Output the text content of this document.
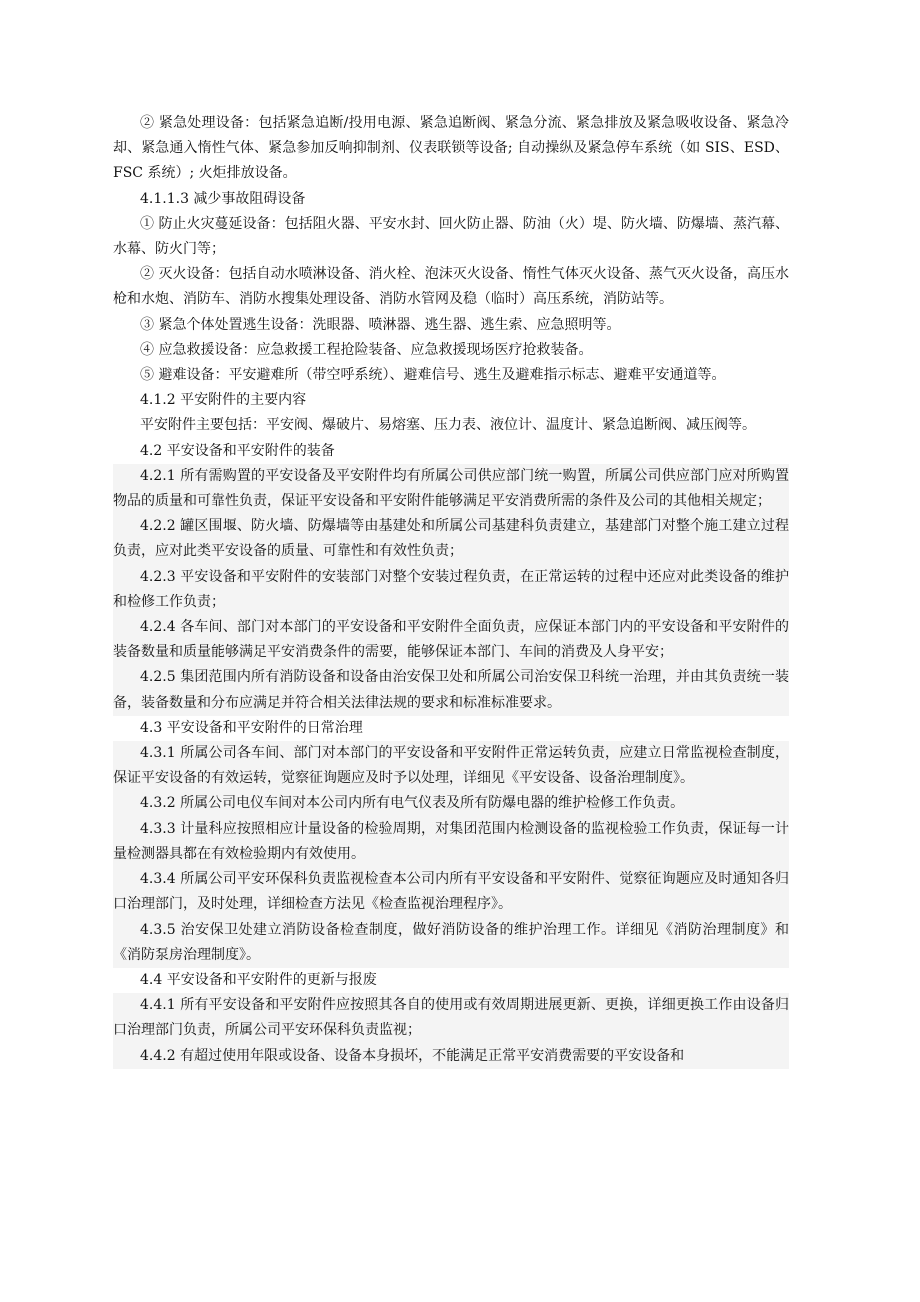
② 紧急处理设备：包括紧急追断/投用电源、紧急追断阀、紧急分流、紧急排放及紧急吸收设备、紧急冷却、紧急通入惰性气体、紧急参加反响抑制剂、仪表联锁等设备; 自动操纵及紧急停车系统（如 SIS、ESD、FSC 系统）; 火炬排放设备。

4.1.1.3 减少事故阻碍设备

① 防止火灾蔓延设备：包括阻火器、平安水封、回火防止器、防油（火）堤、防火墙、防爆墙、蒸汽幕、水幕、防火门等；

② 灭火设备：包括自动水喷淋设备、消火栓、泡沫灭火设备、惰性气体灭火设备、蒸气灭火设备，高压水枪和水炮、消防车、消防水搜集处理设备、消防水管网及稳（临时）高压系统，消防站等。

③ 紧急个体处置逃生设备：洗眼器、喷淋器、逃生器、逃生索、应急照明等。

④ 应急救援设备：应急救援工程抢险装备、应急救援现场医疗抢救装备。

⑤ 避难设备：平安避难所（带空呼系统）、避难信号、逃生及避难指示标志、避难平安通道等。

4.1.2 平安附件的主要内容

平安附件主要包括：平安阀、爆破片、易熔塞、压力表、液位计、温度计、紧急追断阀、减压阀等。

4.2 平安设备和平安附件的装备

4.2.1 所有需购置的平安设备及平安附件均有所属公司供应部门统一购置，所属公司供应部门应对所购置物品的质量和可靠性负责，保证平安设备和平安附件能够满足平安消费所需的条件及公司的其他相关规定；

4.2.2 罐区围堰、防火墙、防爆墙等由基建处和所属公司基建科负责建立，基建部门对整个施工建立过程负责，应对此类平安设备的质量、可靠性和有效性负责；

4.2.3 平安设备和平安附件的安装部门对整个安装过程负责，在正常运转的过程中还应对此类设备的维护和检修工作负责；

4.2.4 各车间、部门对本部门的平安设备和平安附件全面负责，应保证本部门内的平安设备和平安附件的装备数量和质量能够满足平安消费条件的需要，能够保证本部门、车间的消费及人身平安；

4.2.5 集团范围内所有消防设备和设备由治安保卫处和所属公司治安保卫科统一治理，并由其负责统一装备，装备数量和分布应满足并符合相关法律法规的要求和标准标准要求。

4.3 平安设备和平安附件的日常治理

4.3.1 所属公司各车间、部门对本部门的平安设备和平安附件正常运转负责，应建立日常监视检查制度，保证平安设备的有效运转，觉察征询题应及时予以处理，详细见《平安设备、设备治理制度》。

4.3.2 所属公司电仪车间对本公司内所有电气仪表及所有防爆电器的维护检修工作负责。

4.3.3 计量科应按照相应计量设备的检验周期，对集团范围内检测设备的监视检验工作负责，保证每一计量检测器具都在有效检验期内有效使用。

4.3.4 所属公司平安环保科负责监视检查本公司内所有平安设备和平安附件、觉察征询题应及时通知各归口治理部门，及时处理，详细检查方法见《检查监视治理程序》。

4.3.5 治安保卫处建立消防设备检查制度，做好消防设备的维护治理工作。详细见《消防治理制度》和《消防泵房治理制度》。

4.4 平安设备和平安附件的更新与报废

4.4.1 所有平安设备和平安附件应按照其各自的使用或有效周期进展更新、更换，详细更换工作由设备归口治理部门负责，所属公司平安环保科负责监视；

4.4.2 有超过使用年限或设备、设备本身损坏，不能满足正常平安消费需要的平安设备和
